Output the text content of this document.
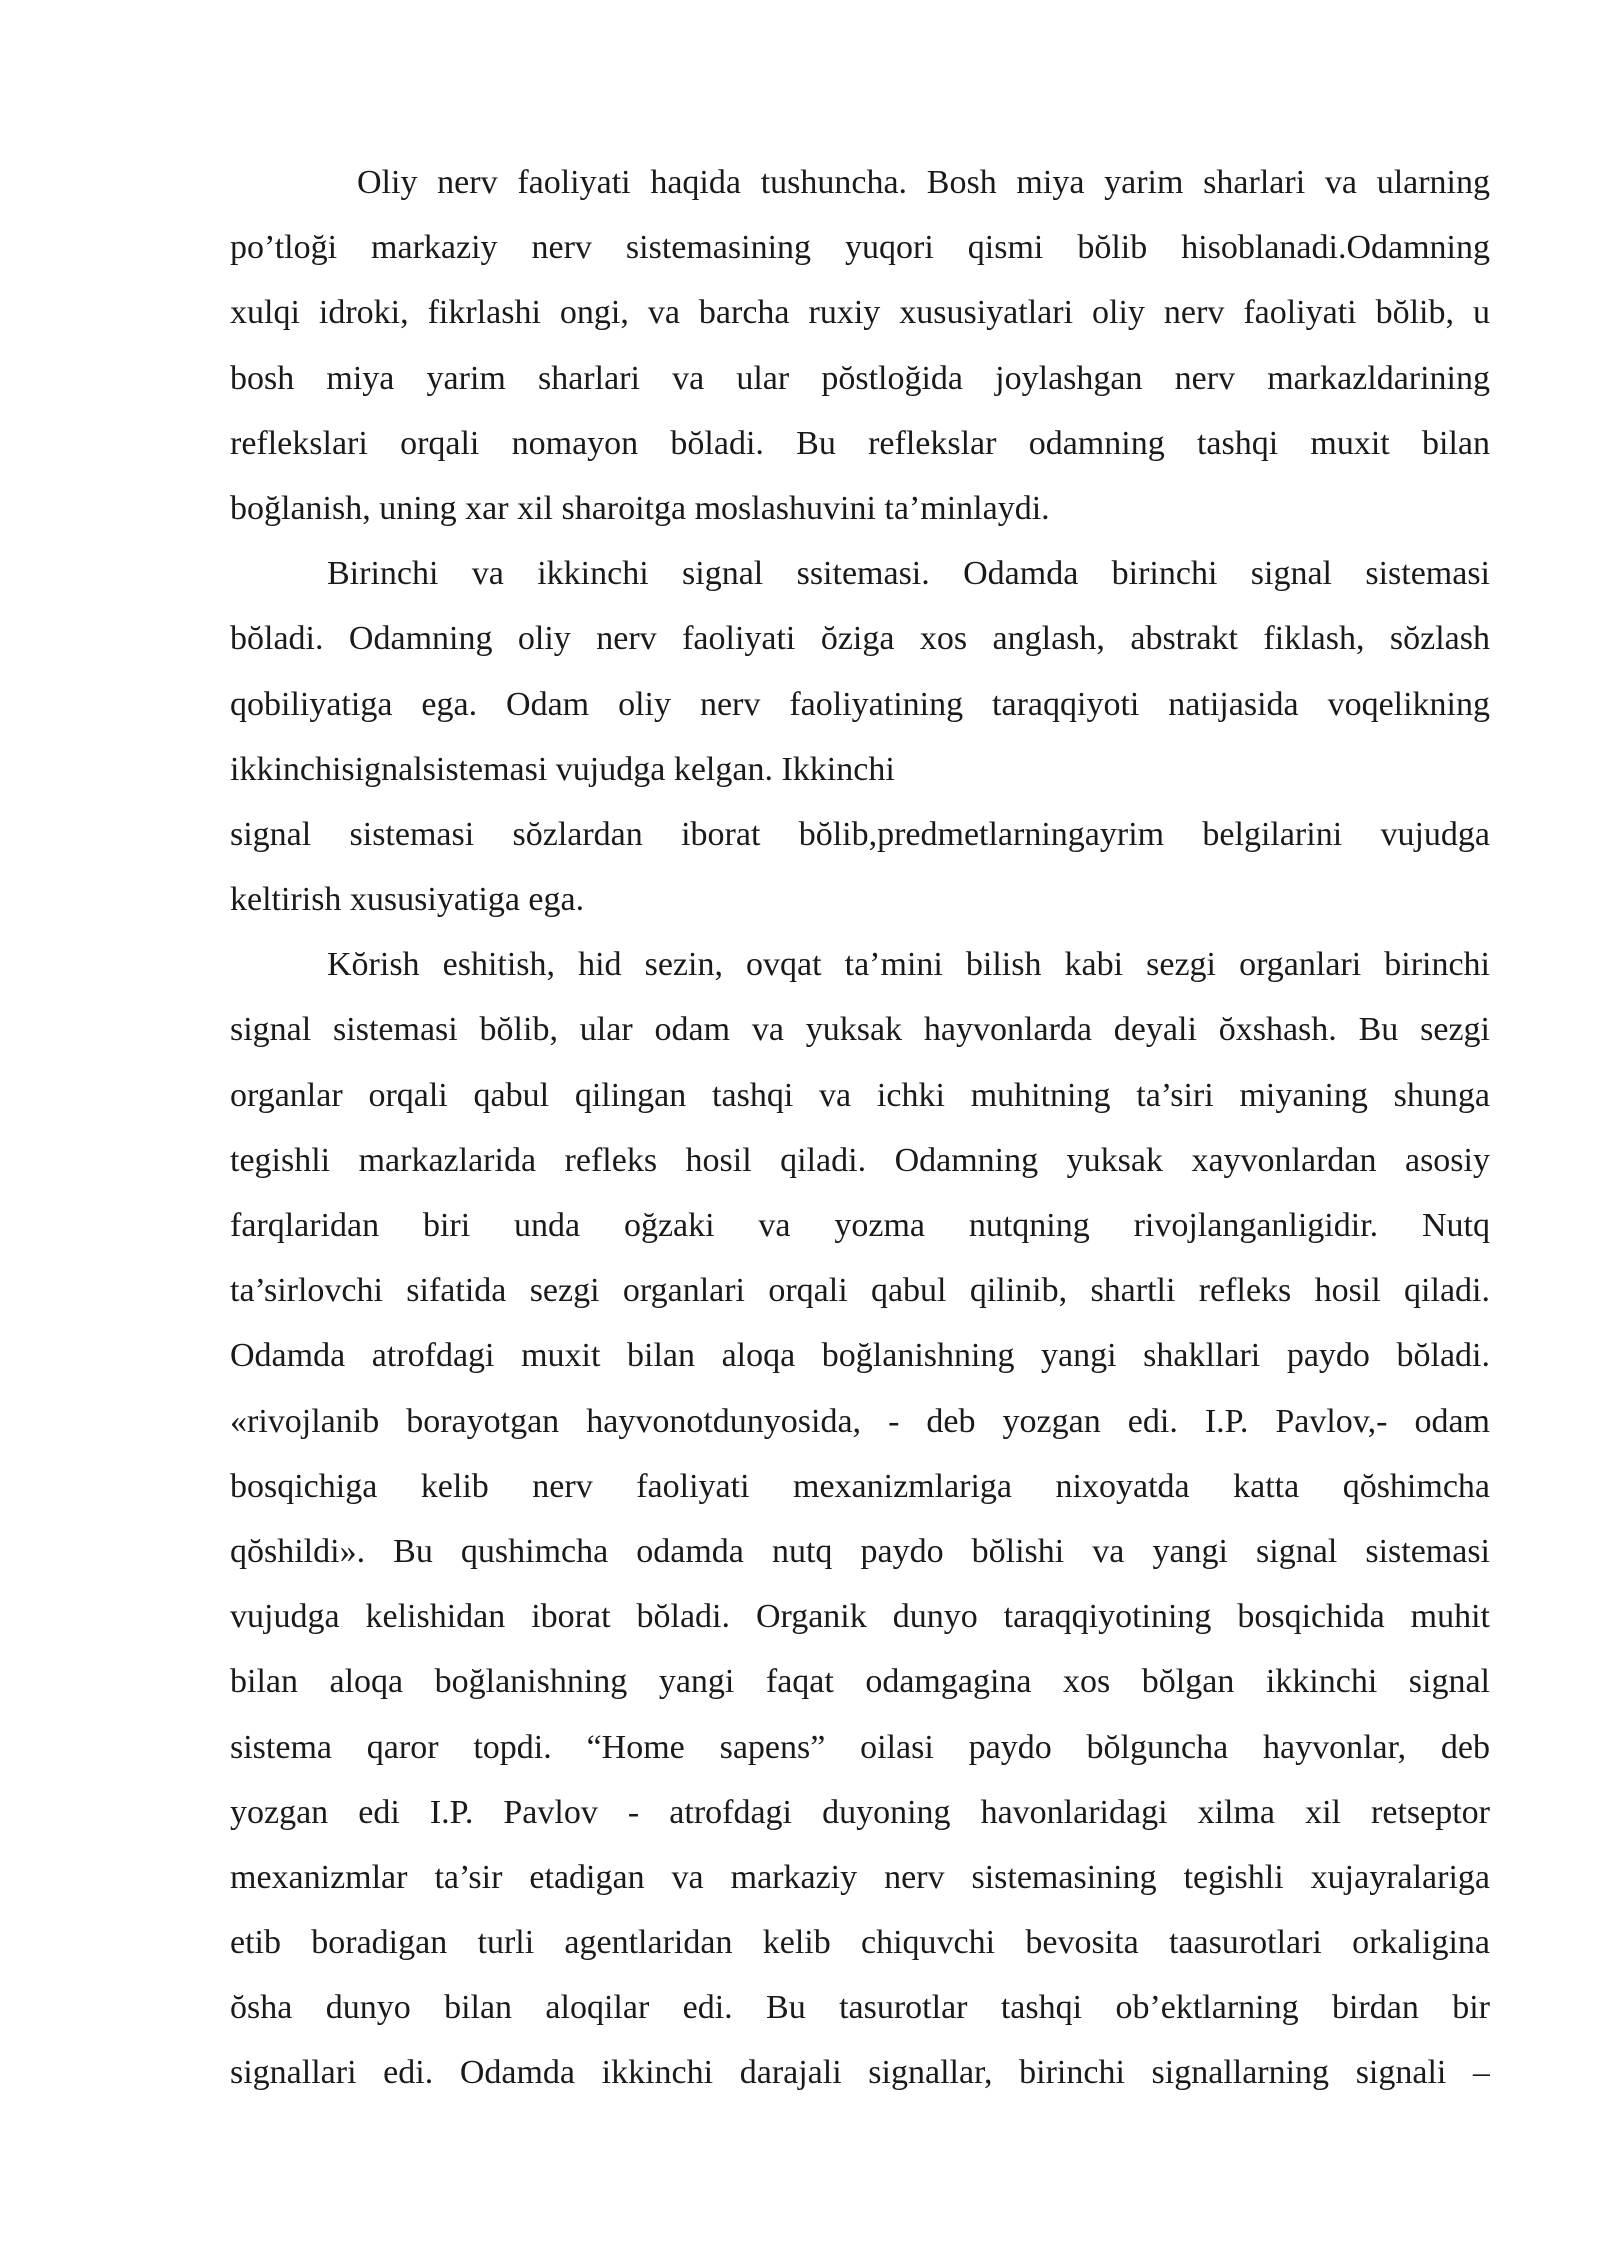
Oliy nerv faoliyati haqida tushuncha. Bosh miya yarim sharlari va ularning
po’tloği markaziy nerv sistemasining yuqori qismi bŏlib hisoblanadi.Odamning
xulqi idroki, fikrlashi ongi, va barcha ruxiy xususiyatlari oliy nerv faoliyati bŏlib, u
bosh miya yarim sharlari va ular pŏstloğida joylashgan nerv markazldarining
reflekslari orqali nomayon bŏladi. Bu reflekslar odamning tashqi muxit bilan
boğlanish, uning xar xil sharoitga moslashuvini ta’minlaydi.
Birinchi va ikkinchi signal ssitemasi. Odamda birinchi signal sistemasi
bŏladi. Odamning oliy nerv faoliyati ŏziga xos anglash, abstrakt fiklash, sŏzlash
qobiliyatiga ega. Odam oliy nerv faoliyatining taraqqiyoti natijasida voqelikning
ikkinchisignalsistemasi vujudga kelgan. Ikkinchi
signal sistemasi sŏzlardan iborat bŏlib,predmetlarningayrim belgilarini vujudga
keltirish xususiyatiga ega.
Kŏrish eshitish, hid sezin, ovqat ta’mini bilish kabi sezgi organlari birinchi
signal sistemasi bŏlib, ular odam va yuksak hayvonlarda deyali ŏxshash. Bu sezgi
organlar orqali qabul qilingan tashqi va ichki muhitning ta’siri miyaning shunga
tegishli markazlarida refleks hosil qiladi. Odamning yuksak xayvonlardan asosiy
farqlaridan biri unda oğzaki va yozma nutqning rivojlanganligidir. Nutq
ta’sirlovchi sifatida sezgi organlari orqali qabul qilinib, shartli refleks hosil qiladi.
Odamda atrofdagi muxit bilan aloqa boğlanishning yangi shakllari paydo bŏladi.
«rivojlanib borayotgan hayvonotdunyosida, - deb yozgan edi. I.P. Pavlov,- odam
bosqichiga kelib nerv faoliyati mexanizmlariga nixoyatda katta qŏshimcha
qŏshildi». Bu qushimcha odamda nutq paydo bŏlishi va yangi signal sistemasi
vujudga kelishidan iborat bŏladi. Organik dunyo taraqqiyotining bosqichida muhit
bilan aloqa boğlanishning yangi faqat odamgagina xos bŏlgan ikkinchi signal
sistema qaror topdi. “Home sapens” oilasi paydo bŏlguncha hayvonlar, deb
yozgan edi I.P. Pavlov - atrofdagi duyoning havonlaridagi xilma xil retseptor
mexanizmlar ta’sir etadigan va markaziy nerv sistemasining tegishli xujayralariga
etib boradigan turli agentlaridan kelib chiquvchi bevosita taasurotlari orkaligina
ŏsha dunyo bilan aloqilar edi. Bu tasurotlar tashqi ob’ektlarning birdan bir
signallari edi. Odamda ikkinchi darajali signallar, birinchi signallarning signali –
